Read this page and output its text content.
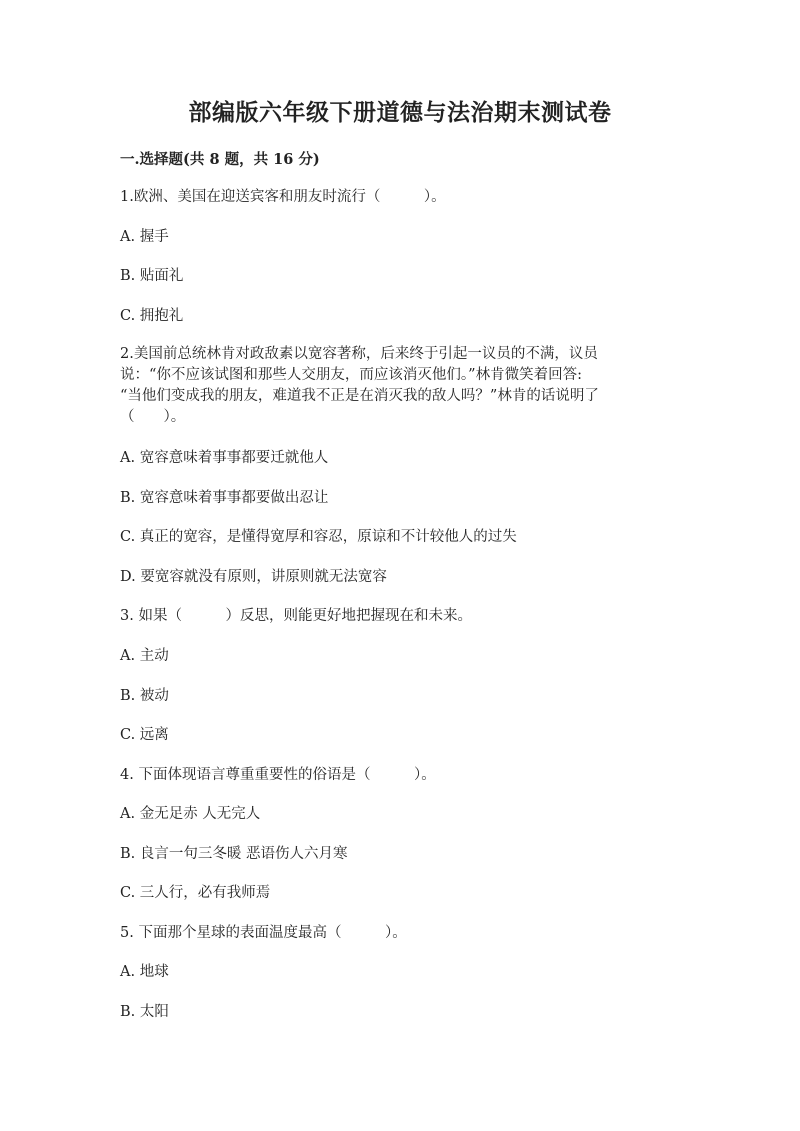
部编版六年级下册道德与法治期末测试卷
一.选择题(共 8 题，共 16 分)

1.欧洲、美国在迎送宾客和朋友时流行（　　　）。

A. 握手

B. 贴面礼

C. 拥抱礼

2.美国前总统林肯对政敌素以宽容著称，后来终于引起一议员的不满，议员
说：“你不应该试图和那些人交朋友，而应该消灭他们。”林肯微笑着回答:
“当他们变成我的朋友，难道我不正是在消灭我的敌人吗？”林肯的话说明了
（　　）。

A. 宽容意味着事事都要迁就他人

B. 宽容意味着事事都要做出忍让

C. 真正的宽容，是懂得宽厚和容忍，原谅和不计较他人的过失

D. 要宽容就没有原则，讲原则就无法宽容

3. 如果（　　　）反思，则能更好地把握现在和未来。

A. 主动

B. 被动

C. 远离

4. 下面体现语言尊重重要性的俗语是（　　　）。

A. 金无足赤 人无完人

B. 良言一句三冬暖 恶语伤人六月寒

C. 三人行，必有我师焉

5. 下面那个星球的表面温度最高（　　　）。

A. 地球

B. 太阳
